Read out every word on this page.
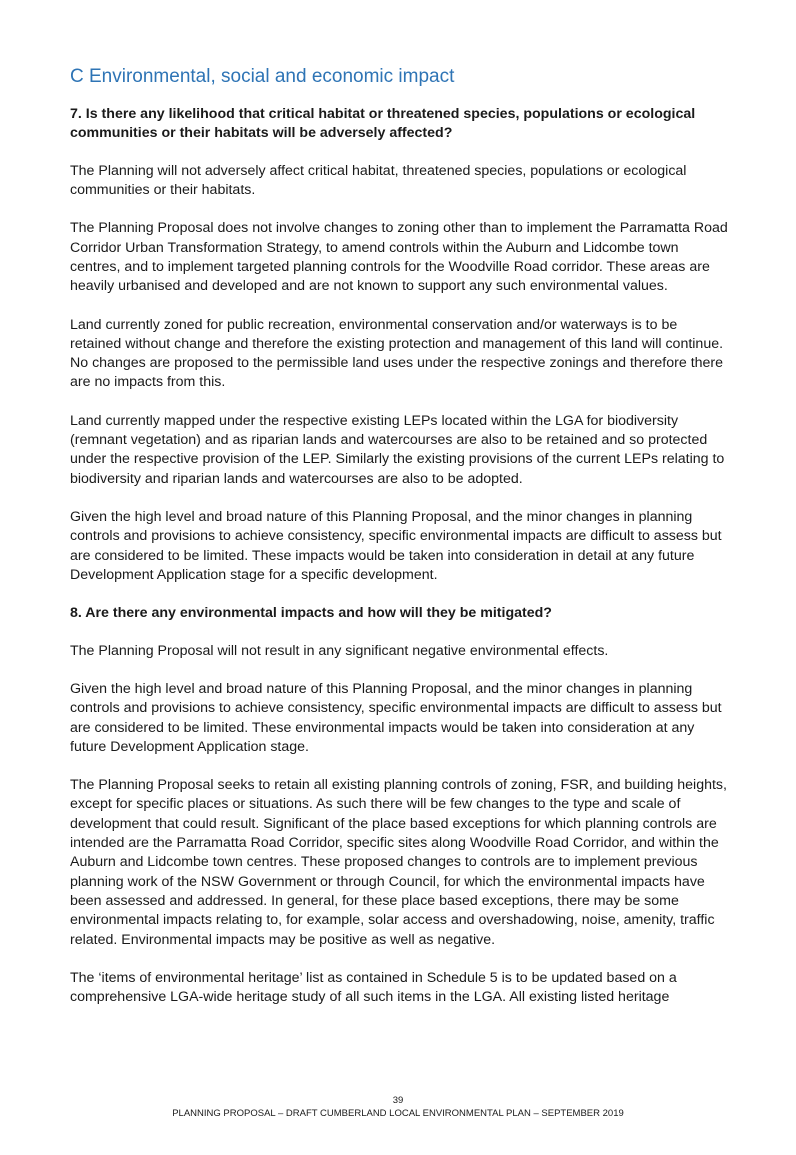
C Environmental, social and economic impact

7. Is there any likelihood that critical habitat or threatened species, populations or ecological communities or their habitats will be adversely affected?

The Planning will not adversely affect critical habitat, threatened species, populations or ecological communities or their habitats.

The Planning Proposal does not involve changes to zoning other than to implement the Parramatta Road Corridor Urban Transformation Strategy, to amend controls within the Auburn and Lidcombe town centres, and to implement targeted planning controls for the Woodville Road corridor. These areas are heavily urbanised and developed and are not known to support any such environmental values.

Land currently zoned for public recreation, environmental conservation and/or waterways is to be retained without change and therefore the existing protection and management of this land will continue. No changes are proposed to the permissible land uses under the respective zonings and therefore there are no impacts from this.

Land currently mapped under the respective existing LEPs located within the LGA for biodiversity (remnant vegetation) and as riparian lands and watercourses are also to be retained and so protected under the respective provision of the LEP. Similarly the existing provisions of the current LEPs relating to biodiversity and riparian lands and watercourses are also to be adopted.

Given the high level and broad nature of this Planning Proposal, and the minor changes in planning controls and provisions to achieve consistency, specific environmental impacts are difficult to assess but are considered to be limited. These impacts would be taken into consideration in detail at any future Development Application stage for a specific development.

8. Are there any environmental impacts and how will they be mitigated?

The Planning Proposal will not result in any significant negative environmental effects.

Given the high level and broad nature of this Planning Proposal, and the minor changes in planning controls and provisions to achieve consistency, specific environmental impacts are difficult to assess but are considered to be limited. These environmental impacts would be taken into consideration at any future Development Application stage.

The Planning Proposal seeks to retain all existing planning controls of zoning, FSR, and building heights, except for specific places or situations. As such there will be few changes to the type and scale of development that could result. Significant of the place based exceptions for which planning controls are intended are the Parramatta Road Corridor, specific sites along Woodville Road Corridor, and within the Auburn and Lidcombe town centres. These proposed changes to controls are to implement previous planning work of the NSW Government or through Council, for which the environmental impacts have been assessed and addressed. In general, for these place based exceptions, there may be some environmental impacts relating to, for example, solar access and overshadowing, noise, amenity, traffic related. Environmental impacts may be positive as well as negative.

The ‘items of environmental heritage’ list as contained in Schedule 5 is to be updated based on a comprehensive LGA-wide heritage study of all such items in the LGA. All existing listed heritage

39
PLANNING PROPOSAL – DRAFT CUMBERLAND LOCAL ENVIRONMENTAL PLAN – SEPTEMBER 2019
